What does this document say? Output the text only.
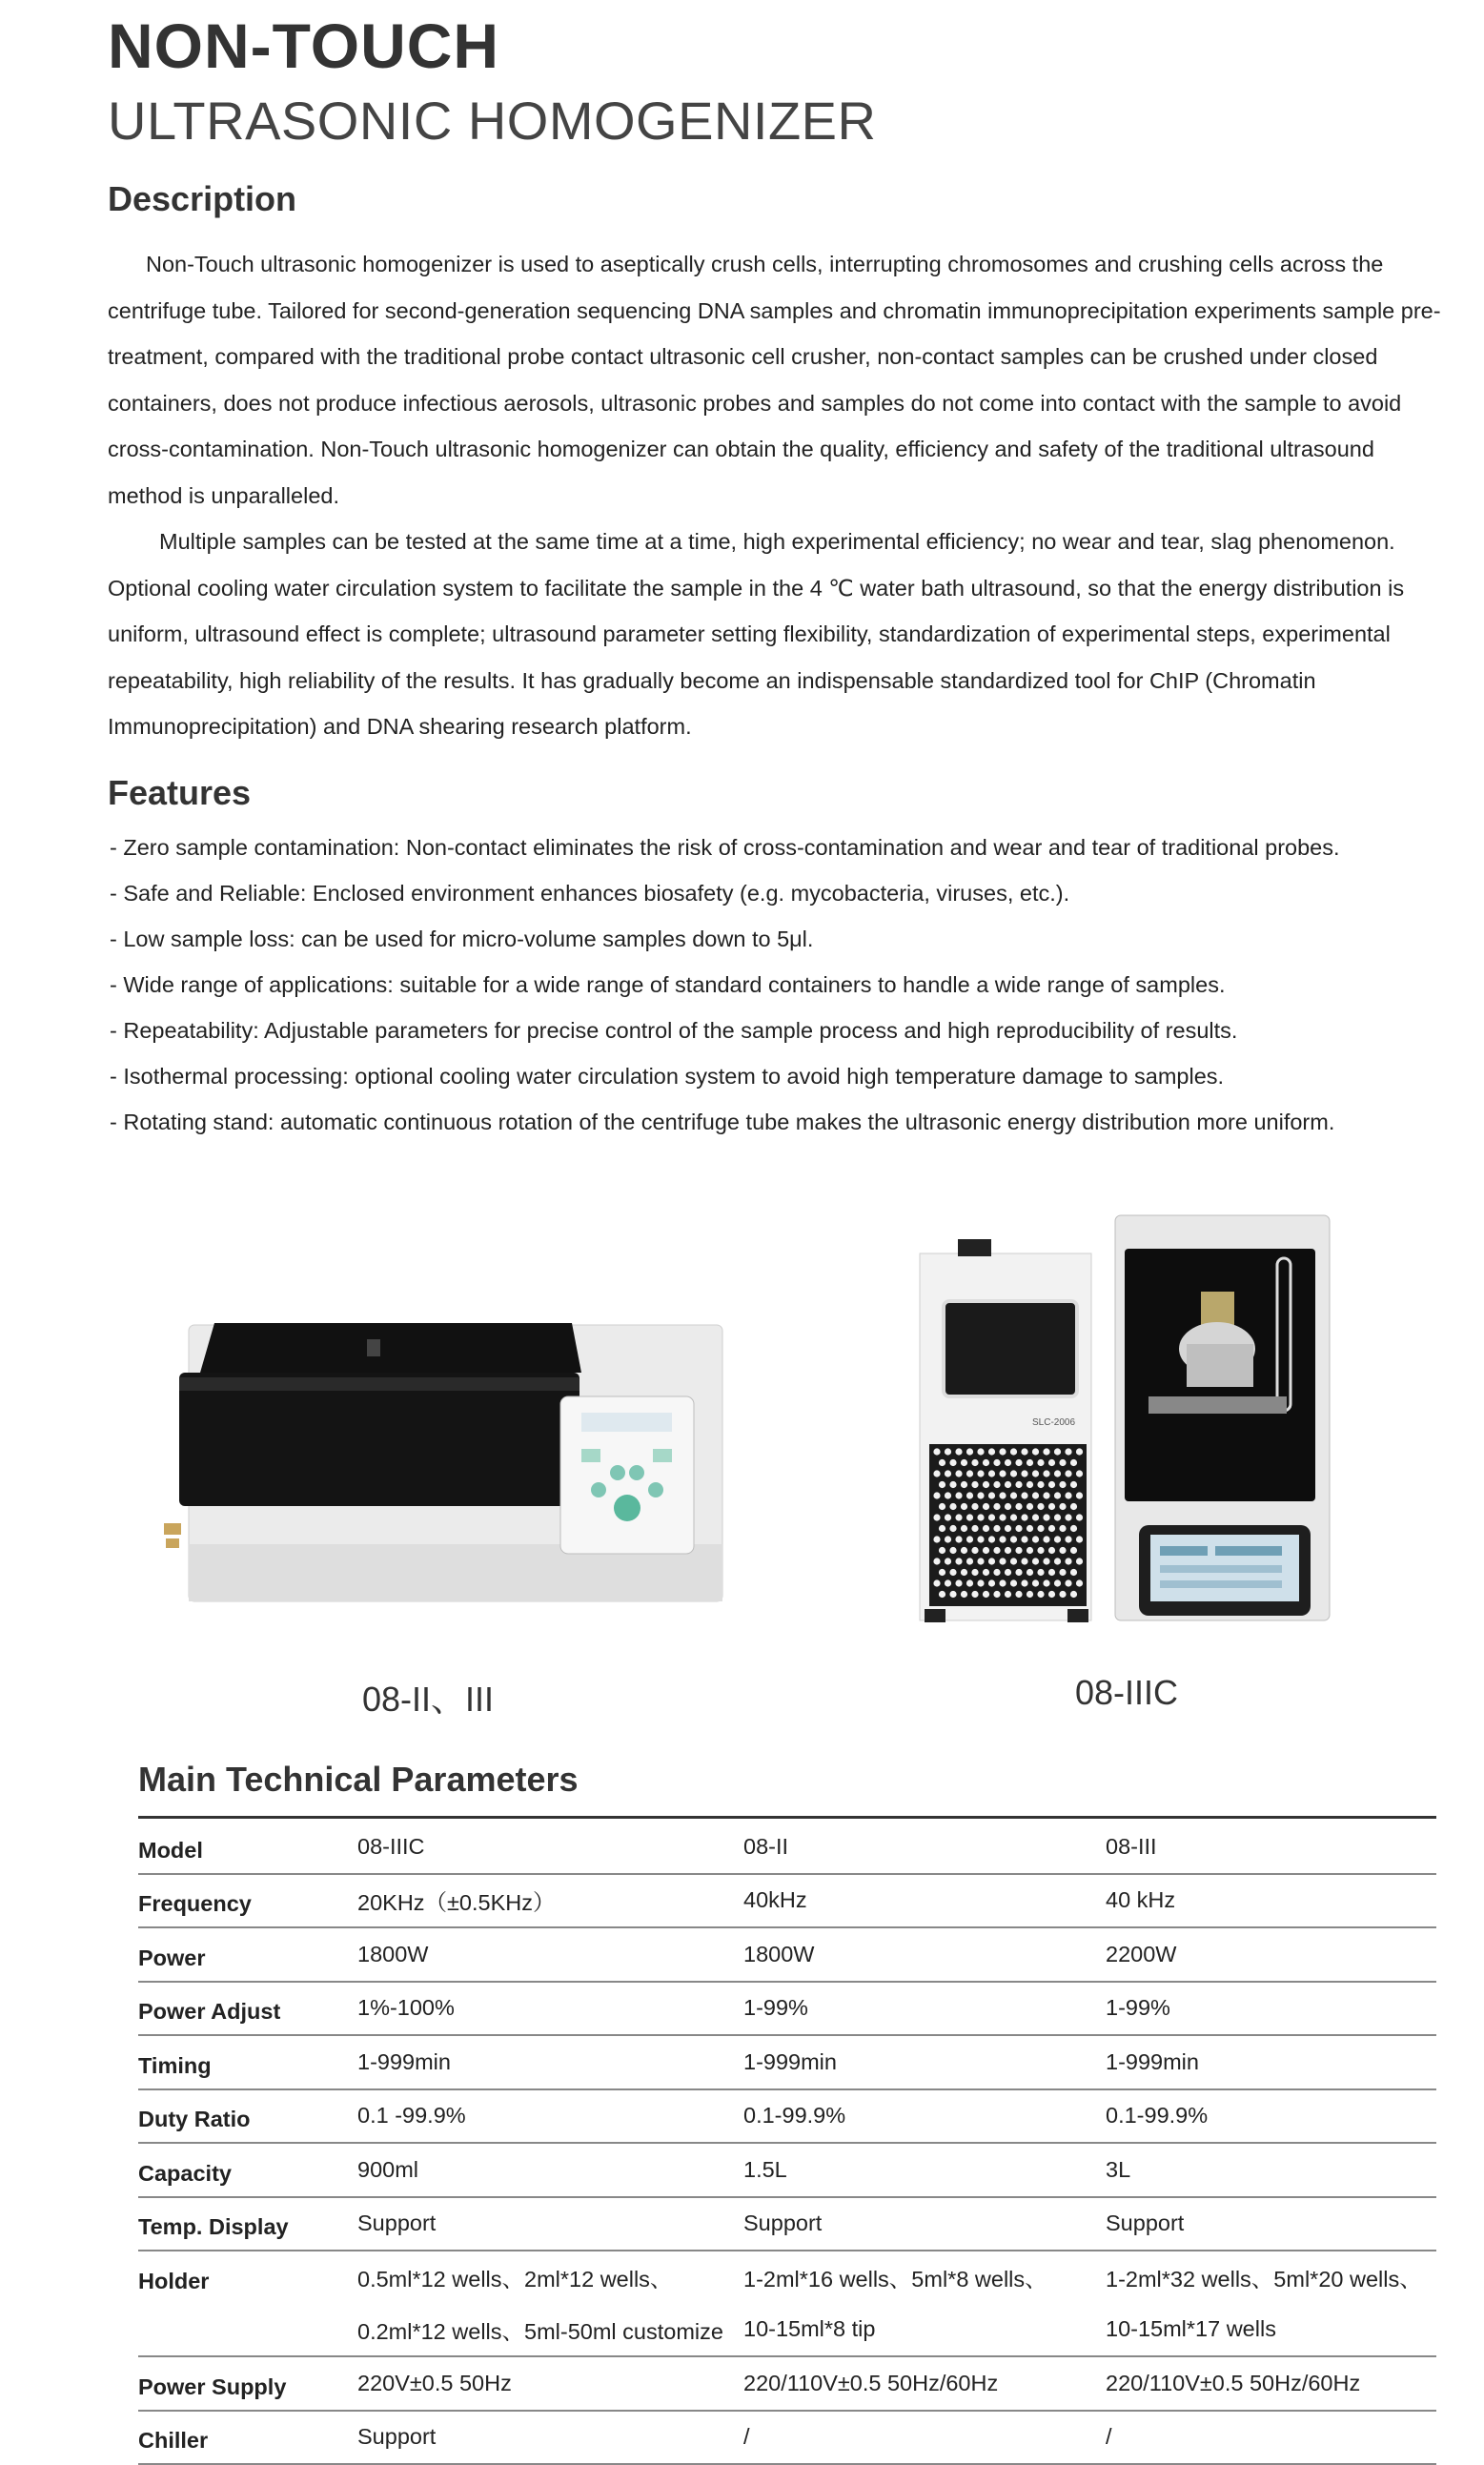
NON-TOUCH
ULTRASONIC HOMOGENIZER
Description

Non-Touch ultrasonic homogenizer is used to aseptically crush cells, interrupting chromosomes and crushing cells across the centrifuge tube. Tailored for second-generation sequencing DNA samples and chromatin immunoprecipitation experiments sample pre-treatment, compared with the traditional probe contact ultrasonic cell crusher, non-contact samples can be crushed under closed containers, does not produce infectious aerosols, ultrasonic probes and samples do not come into contact with the sample to avoid cross-contamination. Non-Touch ultrasonic homogenizer can obtain the quality, efficiency and safety of the traditional ultrasound method is unparalleled.

Multiple samples can be tested at the same time at a time, high experimental efficiency; no wear and tear, slag phenomenon. Optional cooling water circulation system to facilitate the sample in the 4 ℃ water bath ultrasound, so that the energy distribution is uniform, ultrasound effect is complete; ultrasound parameter setting flexibility, standardization of experimental steps, experimental repeatability, high reliability of the results. It has gradually become an indispensable standardized tool for ChIP (Chromatin Immunoprecipitation) and DNA shearing research platform.

Features
- Zero sample contamination: Non-contact eliminates the risk of cross-contamination and wear and tear of traditional probes.
- Safe and Reliable: Enclosed environment enhances biosafety (e.g. mycobacteria, viruses, etc.).
- Low sample loss: can be used for micro-volume samples down to 5μl.
- Wide range of applications: suitable for a wide range of standard containers to handle a wide range of samples.
- Repeatability: Adjustable parameters for precise control of the sample process and high reproducibility of results.
- Isothermal processing: optional cooling water circulation system to avoid high temperature damage to samples.
- Rotating stand: automatic continuous rotation of the centrifuge tube makes the ultrasonic energy distribution more uniform.
08-II、III
SLC-2006
08-IIIC
Main Technical Parameters
Model	08-IIIC	08-II	08-III
Frequency	20KHz（±0.5KHz）	40kHz	40 kHz
Power	1800W	1800W	2200W
Power Adjust	1%-100%	1-99%	1-99%
Timing	1-999min	1-999min	1-999min
Duty Ratio	0.1 -99.9%	0.1-99.9%	0.1-99.9%
Capacity	900ml	1.5L	3L
Temp. Display	Support	Support	Support
Holder	0.5ml*12 wells、2ml*12 wells、	1-2ml*16 wells、5ml*8 wells、	1-2ml*32 wells、5ml*20 wells、
	0.2ml*12 wells、5ml-50ml customize	10-15ml*8 tip	10-15ml*17 wells
Power Supply	220V±0.5 50Hz	220/110V±0.5 50Hz/60Hz	220/110V±0.5 50Hz/60Hz
Chiller	Support	/	/
